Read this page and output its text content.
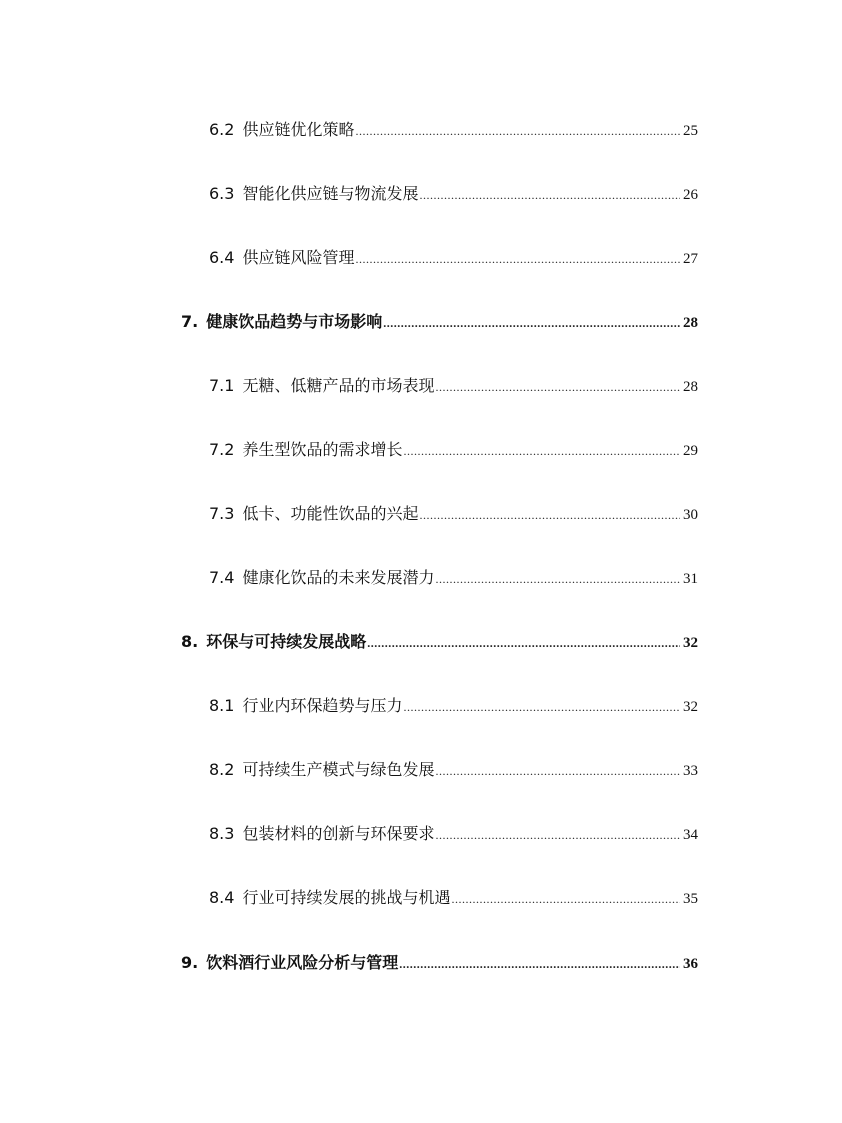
6.2 供应链优化策略 .....	25
6.3 智能化供应链与物流发展 .....	26
6.4 供应链风险管理 .....	27
7. 健康饮品趋势与市场影响 .....	28
7.1 无糖、低糖产品的市场表现 .....	28
7.2 养生型饮品的需求增长 .....	29
7.3 低卡、功能性饮品的兴起 .....	30
7.4 健康化饮品的未来发展潜力 .....	31
8. 环保与可持续发展战略 .....	32
8.1 行业内环保趋势与压力 .....	32
8.2 可持续生产模式与绿色发展 .....	33
8.3 包装材料的创新与环保要求 .....	34
8.4 行业可持续发展的挑战与机遇 .....	35
9. 饮料酒行业风险分析与管理 .....	36
